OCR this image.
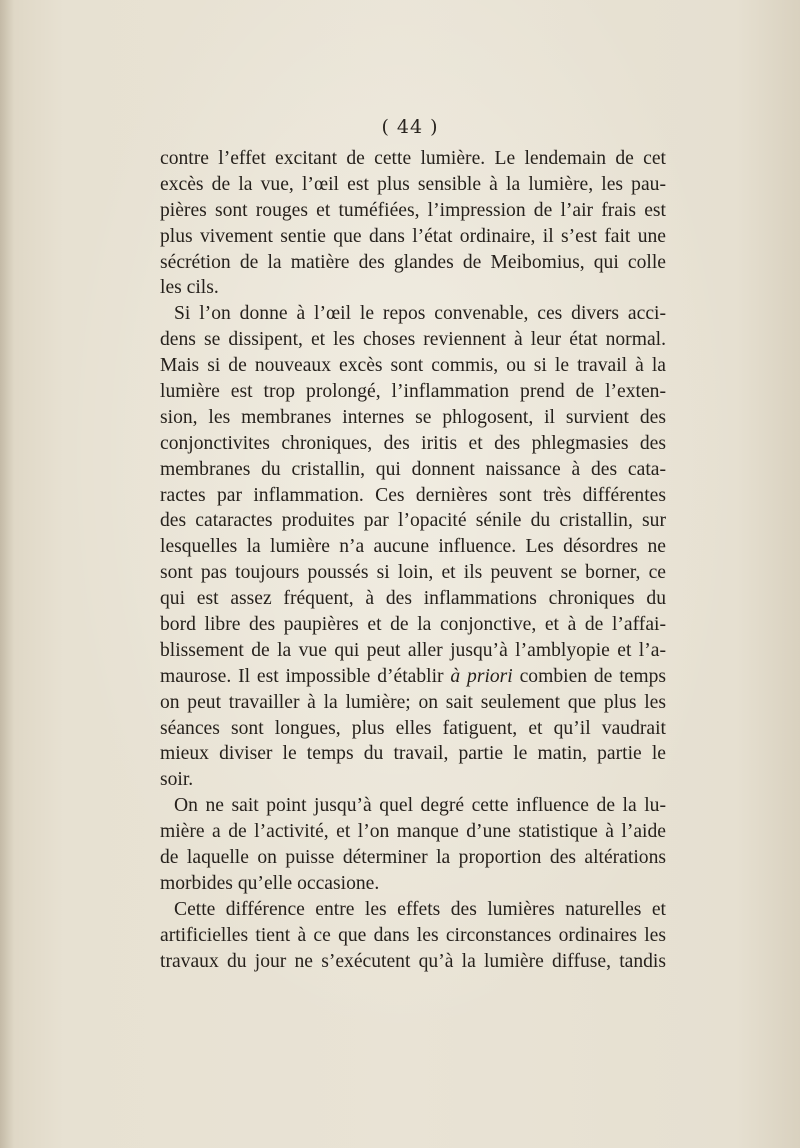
( 44 )
contre l’effet excitant de cette lumière. Le lendemain de cet
excès de la vue, l’œil est plus sensible à la lumière, les pau-
pières sont rouges et tuméfiées, l’impression de l’air frais est
plus vivement sentie que dans l’état ordinaire, il s’est fait une
sécrétion de la matière des glandes de Meibomius, qui colle
les cils.
Si l’on donne à l’œil le repos convenable, ces divers acci-
dens se dissipent, et les choses reviennent à leur état normal.
Mais si de nouveaux excès sont commis, ou si le travail à la
lumière est trop prolongé, l’inflammation prend de l’exten-
sion, les membranes internes se phlogosent, il survient des
conjonctivites chroniques, des iritis et des phlegmasies des
membranes du cristallin, qui donnent naissance à des cata-
ractes par inflammation. Ces dernières sont très différentes
des cataractes produites par l’opacité sénile du cristallin, sur
lesquelles la lumière n’a aucune influence. Les désordres ne
sont pas toujours poussés si loin, et ils peuvent se borner, ce
qui est assez fréquent, à des inflammations chroniques du
bord libre des paupières et de la conjonctive, et à de l’affai-
blissement de la vue qui peut aller jusqu’à l’amblyopie et l’a-
maurose. Il est impossible d’établir à priori combien de temps
on peut travailler à la lumière; on sait seulement que plus les
séances sont longues, plus elles fatiguent, et qu’il vaudrait
mieux diviser le temps du travail, partie le matin, partie le
soir.
On ne sait point jusqu’à quel degré cette influence de la lu-
mière a de l’activité, et l’on manque d’une statistique à l’aide
de laquelle on puisse déterminer la proportion des altérations
morbides qu’elle occasione.
Cette différence entre les effets des lumières naturelles et
artificielles tient à ce que dans les circonstances ordinaires les
travaux du jour ne s’exécutent qu’à la lumière diffuse, tandis
